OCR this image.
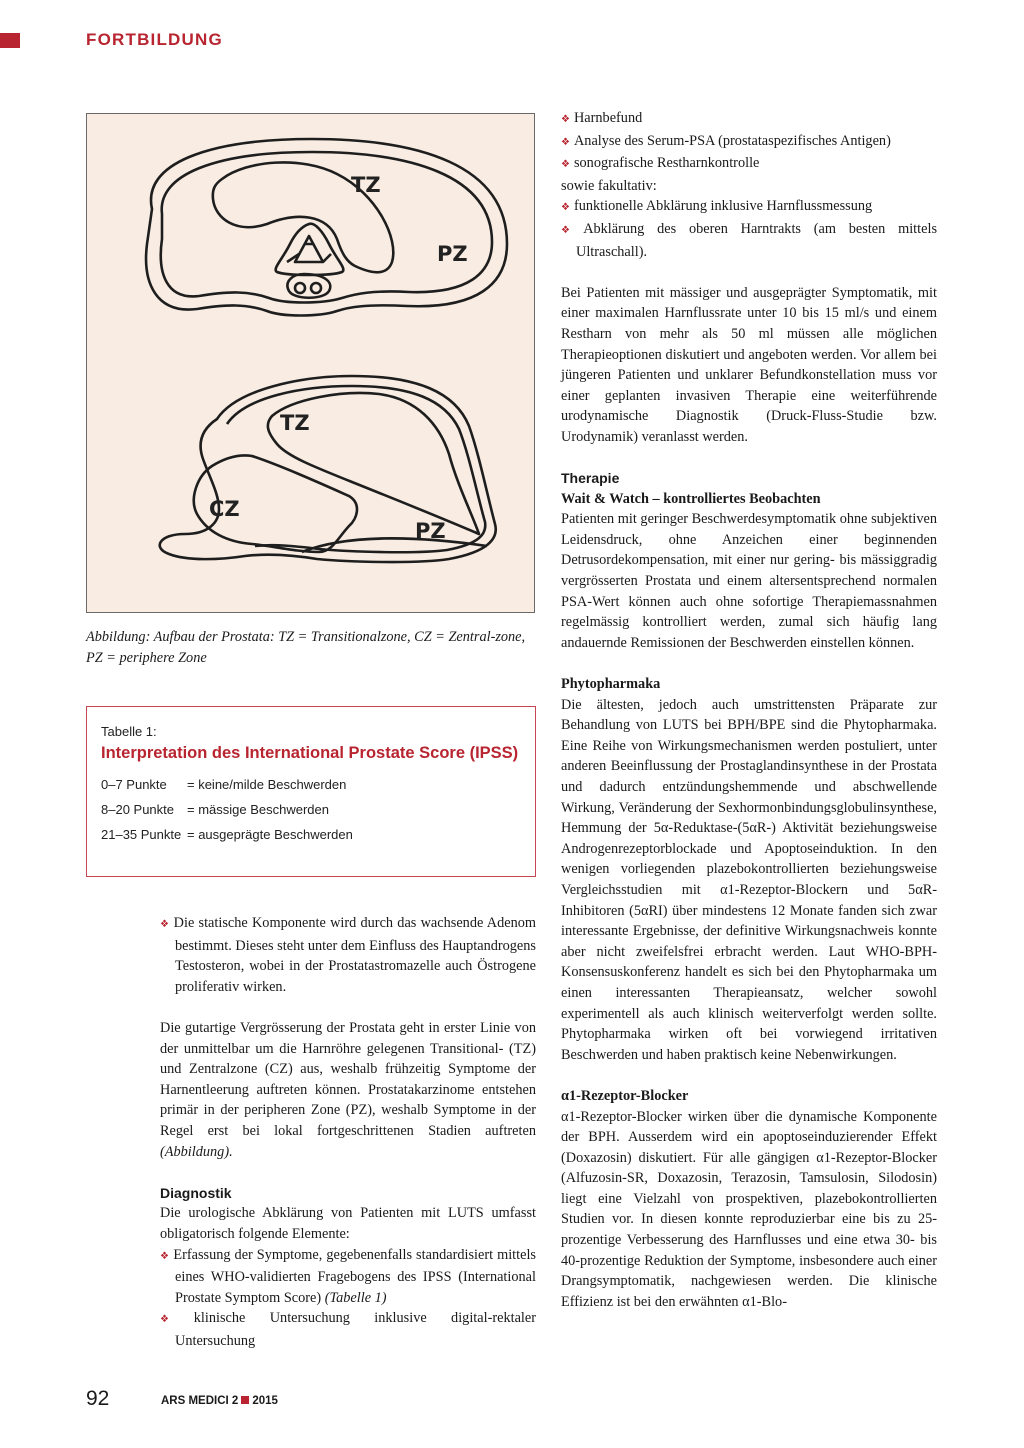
FORTBILDUNG
TZ
PZ
TZ
CZ
PZ

Abbildung: Aufbau der Prostata: TZ = Transitionalzone, CZ = Zentral-zone, PZ = periphere Zone

Tabelle 1:

Interpretation des International Prostate Score (IPSS)

0–7 Punkte	= keine/milde Beschwerden
8–20 Punkte = mässige Beschwerden
21–35 Punkte = ausgeprägte Beschwerden

❖ Die statische Komponente wird durch das wachsende Adenom bestimmt. Dieses steht unter dem Einfluss des Hauptandrogens Testosteron, wobei in der Prostatastromazelle auch Östrogene proliferativ wirken.

Die gutartige Vergrösserung der Prostata geht in erster Linie von der unmittelbar um die Harnröhre gelegenen Transitional- (TZ) und Zentralzone (CZ) aus, weshalb frühzeitig Symptome der Harnentleerung auftreten können. Prostatakarzinome entstehen primär in der peripheren Zone (PZ), weshalb Symptome in der Regel erst bei lokal fortgeschrittenen Stadien auftreten (Abbildung).

Diagnostik

Die urologische Abklärung von Patienten mit LUTS umfasst obligatorisch folgende Elemente:

❖ Erfassung der Symptome, gegebenenfalls standardisiert mittels eines WHO-validierten Fragebogens des IPSS (International Prostate Symptom Score) (Tabelle 1)

❖ klinische Untersuchung inklusive digital-rektaler Untersuchung

❖ Harnbefund

❖ Analyse des Serum-PSA (prostataspezifisches Antigen)

❖ sonografische Restharnkontrolle

sowie fakultativ:

❖ funktionelle Abklärung inklusive Harnflussmessung

❖ Abklärung des oberen Harntrakts (am besten mittels Ultraschall).

Bei Patienten mit mässiger und ausgeprägter Symptomatik, mit einer maximalen Harnflussrate unter 10 bis 15 ml/s und einem Restharn von mehr als 50 ml müssen alle möglichen Therapieoptionen diskutiert und angeboten werden. Vor allem bei jüngeren Patienten und unklarer Befundkonstellation muss vor einer geplanten invasiven Therapie eine weiterführende urodynamische Diagnostik (Druck-Fluss-Studie bzw. Urodynamik) veranlasst werden.

Therapie

Wait & Watch – kontrolliertes Beobachten

Patienten mit geringer Beschwerdesymptomatik ohne subjektiven Leidensdruck, ohne Anzeichen einer beginnenden Detrusordekompensation, mit einer nur gering- bis mässiggradig vergrösserten Prostata und einem altersentsprechend normalen PSA-Wert können auch ohne sofortige Therapiemassnahmen regelmässig kontrolliert werden, zumal sich häufig lang andauernde Remissionen der Beschwerden einstellen können.

Phytopharmaka

Die ältesten, jedoch auch umstrittensten Präparate zur Behandlung von LUTS bei BPH/BPE sind die Phytopharmaka. Eine Reihe von Wirkungsmechanismen werden postuliert, unter anderen Beeinflussung der Prostaglandinsynthese in der Prostata und dadurch entzündungshemmende und abschwellende Wirkung, Veränderung der Sexhormonbindungsglobulinsynthese, Hemmung der 5α-Reduktase-(5αR-) Aktivität beziehungsweise Androgenrezeptorblockade und Apoptoseinduktion. In den wenigen vorliegenden plazebokontrollierten beziehungsweise Vergleichsstudien mit α1-Rezeptor-Blockern und 5αR-Inhibitoren (5αRI) über mindestens 12 Monate fanden sich zwar interessante Ergebnisse, der definitive Wirkungsnachweis konnte aber nicht zweifelsfrei erbracht werden. Laut WHO-BPH-Konsensuskonferenz handelt es sich bei den Phytopharmaka um einen interessanten Therapieansatz, welcher sowohl experimentell als auch klinisch weiterverfolgt werden sollte. Phytopharmaka wirken oft bei vorwiegend irritativen Beschwerden und haben praktisch keine Nebenwirkungen.

α1-Rezeptor-Blocker

α1-Rezeptor-Blocker wirken über die dynamische Komponente der BPH. Ausserdem wird ein apoptoseinduzierender Effekt (Doxazosin) diskutiert. Für alle gängigen α1-Rezeptor-Blocker (Alfuzosin-SR, Doxazosin, Terazosin, Tamsulosin, Silodosin) liegt eine Vielzahl von prospektiven, plazebokontrollierten Studien vor. In diesen konnte reproduzierbar eine bis zu 25-prozentige Verbesserung des Harnflusses und eine etwa 30- bis 40-prozentige Reduktion der Symptome, insbesondere auch einer Drangsymptomatik, nachgewiesen werden. Die klinische Effizienz ist bei den erwähnten α1-Blo-

92	ARS MEDICI 2 2015
